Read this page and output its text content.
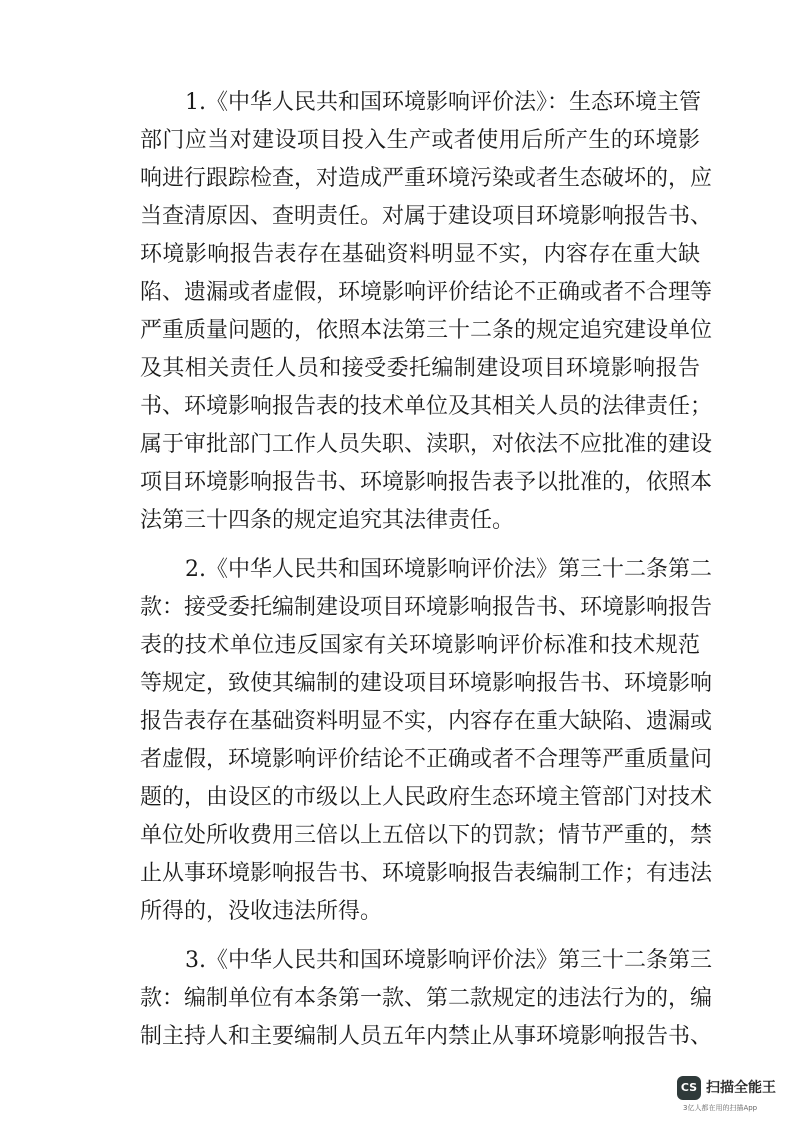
1.《中华人民共和国环境影响评价法》：生态环境主管
部门应当对建设项目投入生产或者使用后所产生的环境影
响进行跟踪检查，对造成严重环境污染或者生态破坏的，应
当查清原因、查明责任。对属于建设项目环境影响报告书、
环境影响报告表存在基础资料明显不实，内容存在重大缺
陷、遗漏或者虚假，环境影响评价结论不正确或者不合理等
严重质量问题的，依照本法第三十二条的规定追究建设单位
及其相关责任人员和接受委托编制建设项目环境影响报告
书、环境影响报告表的技术单位及其相关人员的法律责任；
属于审批部门工作人员失职、渎职，对依法不应批准的建设
项目环境影响报告书、环境影响报告表予以批准的，依照本
法第三十四条的规定追究其法律责任。
2.《中华人民共和国环境影响评价法》第三十二条第二
款：接受委托编制建设项目环境影响报告书、环境影响报告
表的技术单位违反国家有关环境影响评价标准和技术规范
等规定，致使其编制的建设项目环境影响报告书、环境影响
报告表存在基础资料明显不实，内容存在重大缺陷、遗漏或
者虚假，环境影响评价结论不正确或者不合理等严重质量问
题的，由设区的市级以上人民政府生态环境主管部门对技术
单位处所收费用三倍以上五倍以下的罚款；情节严重的，禁
止从事环境影响报告书、环境影响报告表编制工作；有违法
所得的，没收违法所得。
3.《中华人民共和国环境影响评价法》第三十二条第三
款：编制单位有本条第一款、第二款规定的违法行为的，编
制主持人和主要编制人员五年内禁止从事环境影响报告书、
CS 扫描全能王
3亿人都在用的扫描App
